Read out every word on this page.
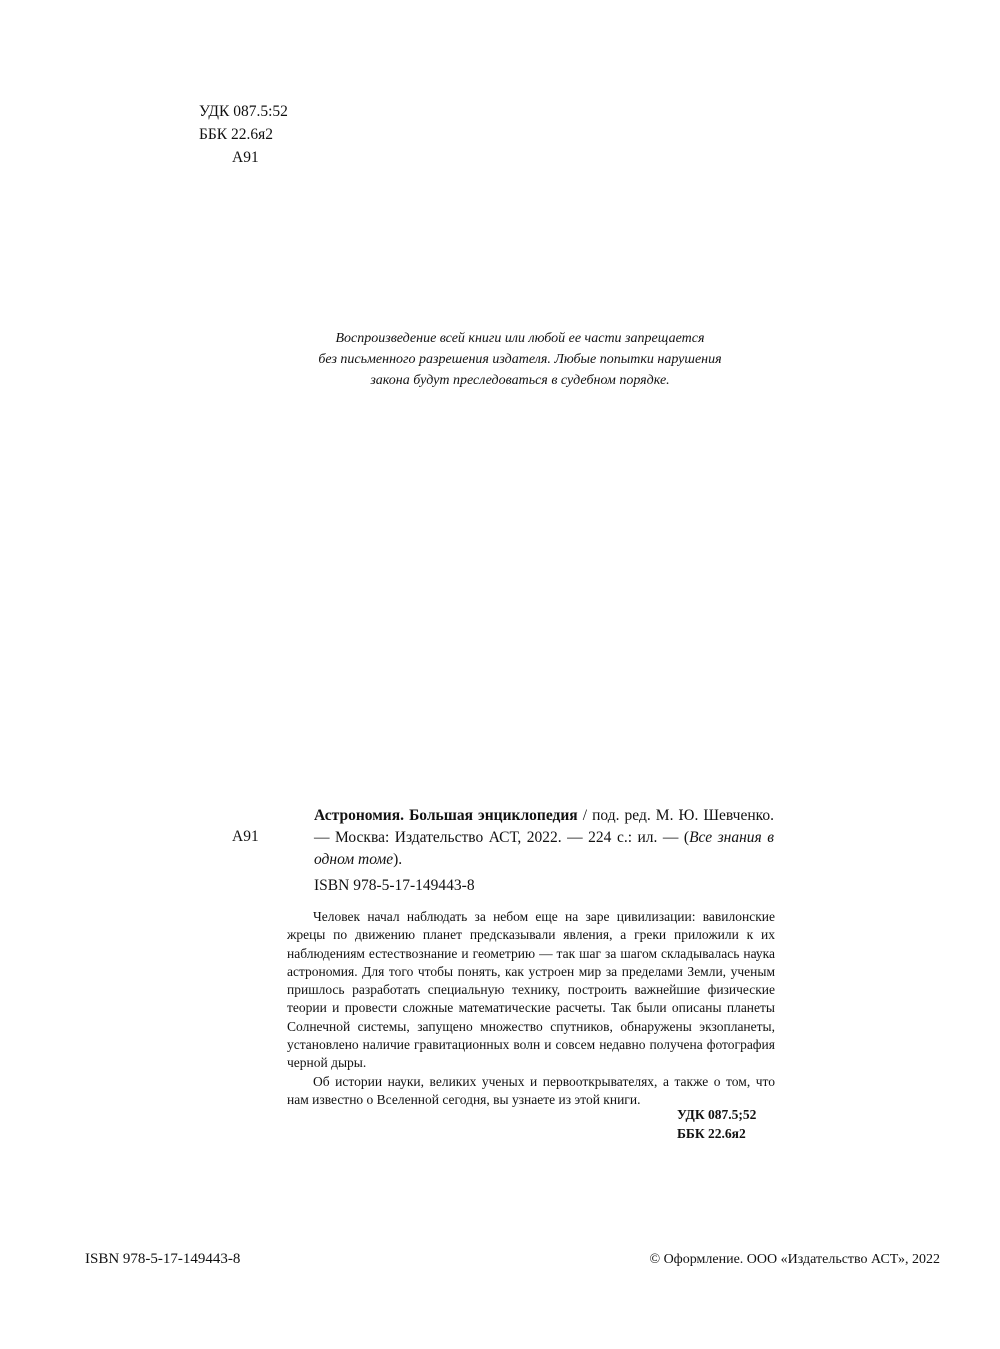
УДК 087.5:52
ББК 22.6я2
А91
Воспроизведение всей книги или любой ее части запрещается
без письменного разрешения издателя. Любые попытки нарушения
закона будут преследоваться в судебном порядке.
А91
Астрономия. Большая энциклопедия / под. ред. М. Ю. Шевченко. — Москва: Издательство АСТ, 2022. — 224 с.: ил. — (Все знания в одном томе).
ISBN 978-5-17-149443-8

Человек начал наблюдать за небом еще на заре цивилизации: вавилонские жрецы по движению планет предсказывали явления, а греки приложили к их наблюдениям естествознание и геометрию — так шаг за шагом складывалась наука астрономия. Для того чтобы понять, как устроен мир за пределами Земли, ученым пришлось разработать специальную технику, построить важнейшие физические теории и провести сложные математические расчеты. Так были описаны планеты Солнечной системы, запущено множество спутников, обнаружены экзопланеты, установлено наличие гравитационных волн и совсем недавно получена фотография черной дыры.

Об истории науки, великих ученых и первооткрывателях, а также о том, что нам известно о Вселенной сегодня, вы узнаете из этой книги.

УДК 087.5;52
ББК 22.6я2
ISBN 978-5-17-149443-8	© Оформление. ООО «Издательство АСТ», 2022
